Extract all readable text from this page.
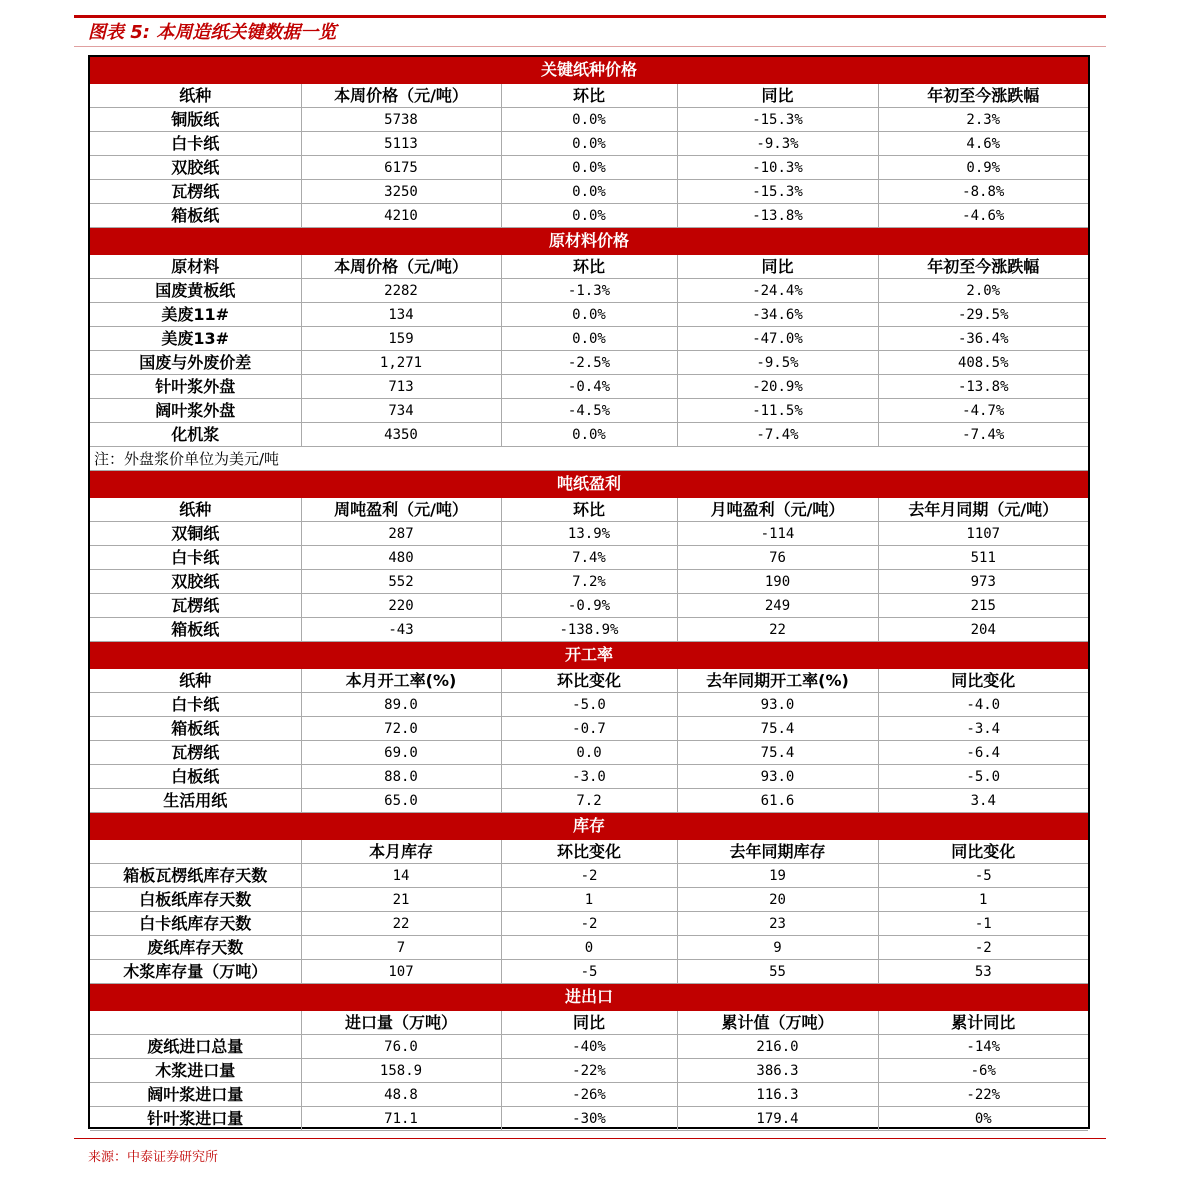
图表 5: 本周造纸关键数据一览
关键纸种价格				
纸种	本周价格（元/吨）	环比	同比	年初至今涨跌幅
铜版纸	5738	0.0%	-15.3%	2.3%
白卡纸	5113	0.0%	-9.3%	4.6%
双胶纸	6175	0.0%	-10.3%	0.9%
瓦楞纸	3250	0.0%	-15.3%	-8.8%
箱板纸	4210	0.0%	-13.8%	-4.6%
原材料价格				
原材料	本周价格（元/吨）	环比	同比	年初至今涨跌幅
国废黄板纸	2282	-1.3%	-24.4%	2.0%
美废11#	134	0.0%	-34.6%	-29.5%
美废13#	159	0.0%	-47.0%	-36.4%
国废与外废价差	1,271	-2.5%	-9.5%	408.5%
针叶浆外盘	713	-0.4%	-20.9%	-13.8%
阔叶浆外盘	734	-4.5%	-11.5%	-4.7%
化机浆	4350	0.0%	-7.4%	-7.4%
注：外盘浆价单位为美元/吨				
吨纸盈利				
纸种	周吨盈利（元/吨）	环比	月吨盈利（元/吨）	去年月同期（元/吨）
双铜纸	287	13.9%	-114	1107
白卡纸	480	7.4%	76	511
双胶纸	552	7.2%	190	973
瓦楞纸	220	-0.9%	249	215
箱板纸	-43	-138.9%	22	204
开工率				
纸种	本月开工率(%)	环比变化	去年同期开工率(%)	同比变化
白卡纸	89.0	-5.0	93.0	-4.0
箱板纸	72.0	-0.7	75.4	-3.4
瓦楞纸	69.0	0.0	75.4	-6.4
白板纸	88.0	-3.0	93.0	-5.0
生活用纸	65.0	7.2	61.6	3.4
库存				
	本月库存	环比变化	去年同期库存	同比变化
箱板瓦楞纸库存天数	14	-2	19	-5
白板纸库存天数	21	1	20	1
白卡纸库存天数	22	-2	23	-1
废纸库存天数	7	0	9	-2
木浆库存量（万吨）	107	-5	55	53
进出口				
	进口量（万吨）	同比	累计值（万吨）	累计同比
废纸进口总量	76.0	-40%	216.0	-14%
木浆进口量	158.9	-22%	386.3	-6%
阔叶浆进口量	48.8	-26%	116.3	-22%
针叶浆进口量	71.1	-30%	179.4	0%
来源：中泰证券研究所
